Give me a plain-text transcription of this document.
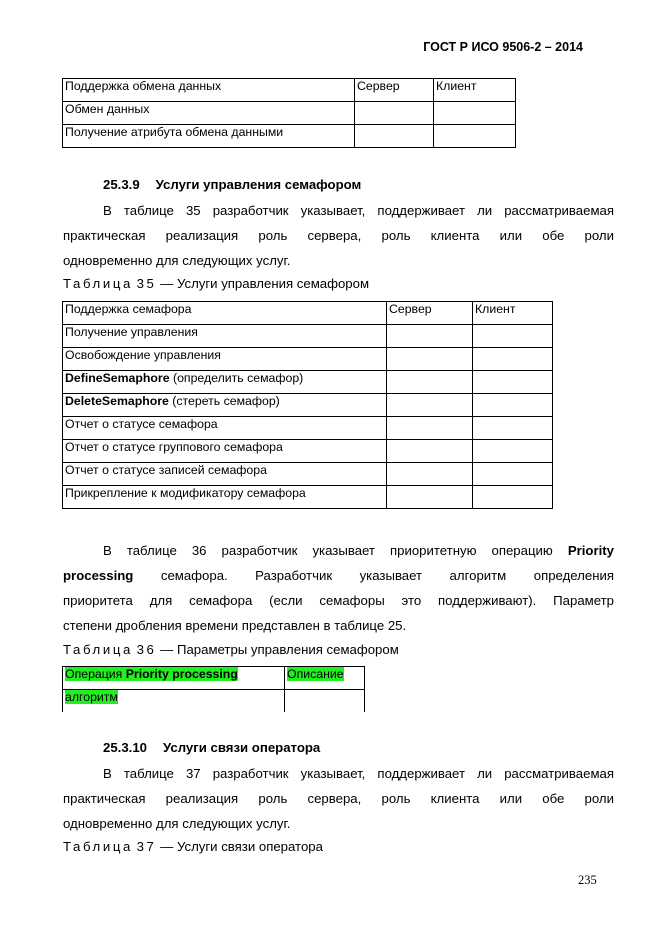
ГОСТ Р ИСО 9506-2 – 2014
Поддержка обмена данных	Сервер	Клиент
Обмен данных		
Получение атрибута обмена данными		
25.3.9 Услуги управления семафором
В таблице 35 разработчик указывает, поддерживает ли рассматриваемая
практическая реализация роль сервера, роль клиента или обе роли
одновременно для следующих услуг.
Таблица 35 — Услуги управления семафором
Поддержка семафора	Сервер	Клиент
Получение управления		
Освобождение управления		
DefineSemaphore (определить семафор)		
DeleteSemaphore (стереть семафор)		
Отчет о статусе семафора		
Отчет о статусе группового семафора		
Отчет о статусе записей семафора		
Прикрепление к модификатору семафора		
В таблице 36 разработчик указывает приоритетную операцию Priority
processing семафора. Разработчик указывает алгоритм определения
приоритета для семафора (если семафоры это поддерживают). Параметр
степени дробления времени представлен в таблице 25.
Таблица 36 — Параметры управления семафором
Операция Priority processing	Описание
алгоритм	
25.3.10 Услуги связи оператора
В таблице 37 разработчик указывает, поддерживает ли рассматриваемая
практическая реализация роль сервера, роль клиента или обе роли
одновременно для следующих услуг.
Таблица 37 — Услуги связи оператора
235
